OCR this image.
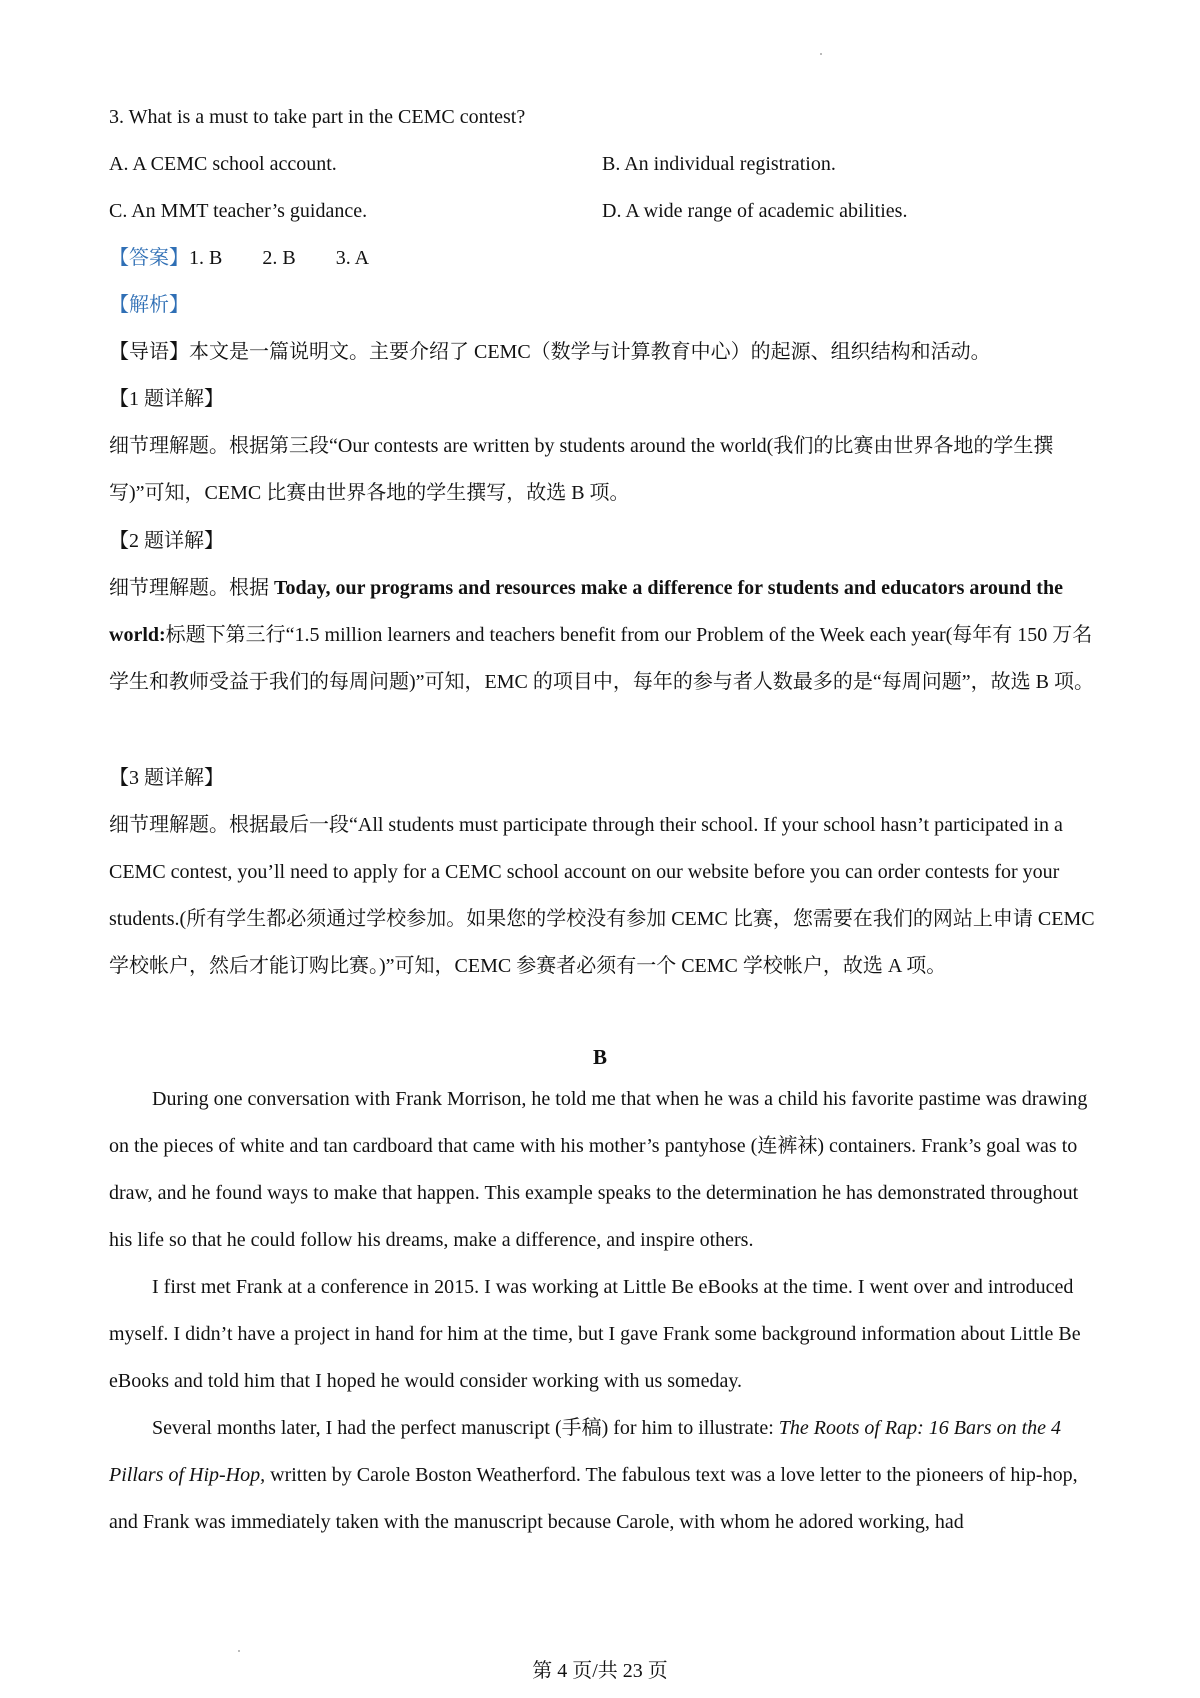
3. What is a must to take part in the CEMC contest?

A. A CEMC school account.	B. An individual registration.

C. An MMT teacher’s guidance.	D. A wide range of academic abilities.

【答案】1. B 2. B 3. A

【解析】

【导语】本文是一篇说明文。主要介绍了 CEMC（数学与计算教育中心）的起源、组织结构和活动。

【1 题详解】

细节理解题。根据第三段“Our contests are written by students around the world(我们的比赛由世界各地的学生撰写)”可知，CEMC 比赛由世界各地的学生撰写，故选 B 项。

【2 题详解】

细节理解题。根据 Today, our programs and resources make a difference for students and educators around the world:标题下第三行“1.5 million learners and teachers benefit from our Problem of the Week each year(每年有 150 万名学生和教师受益于我们的每周问题)”可知，EMC 的项目中，每年的参与者人数最多的是“每周问题”，故选 B 项。

【3 题详解】

细节理解题。根据最后一段“All students must participate through their school. If your school hasn’t participated in a CEMC contest, you’ll need to apply for a CEMC school account on our website before you can order contests for your students.(所有学生都必须通过学校参加。如果您的学校没有参加 CEMC 比赛，您需要在我们的网站上申请 CEMC 学校帐户，然后才能订购比赛。)”可知，CEMC 参赛者必须有一个 CEMC 学校帐户，故选 A 项。

B

During one conversation with Frank Morrison, he told me that when he was a child his favorite pastime was drawing on the pieces of white and tan cardboard that came with his mother’s pantyhose (连裤袜) containers. Frank’s goal was to draw, and he found ways to make that happen. This example speaks to the determination he has demonstrated throughout his life so that he could follow his dreams, make a difference, and inspire others.

I first met Frank at a conference in 2015. I was working at Little Be eBooks at the time. I went over and introduced myself. I didn’t have a project in hand for him at the time, but I gave Frank some background information about Little Be eBooks and told him that I hoped he would consider working with us someday.

Several months later, I had the perfect manuscript (手稿) for him to illustrate: The Roots of Rap: 16 Bars on the 4 Pillars of Hip-Hop, written by Carole Boston Weatherford. The fabulous text was a love letter to the pioneers of hip-hop, and Frank was immediately taken with the manuscript because Carole, with whom he adored working, had

第 4 页/共 23 页
